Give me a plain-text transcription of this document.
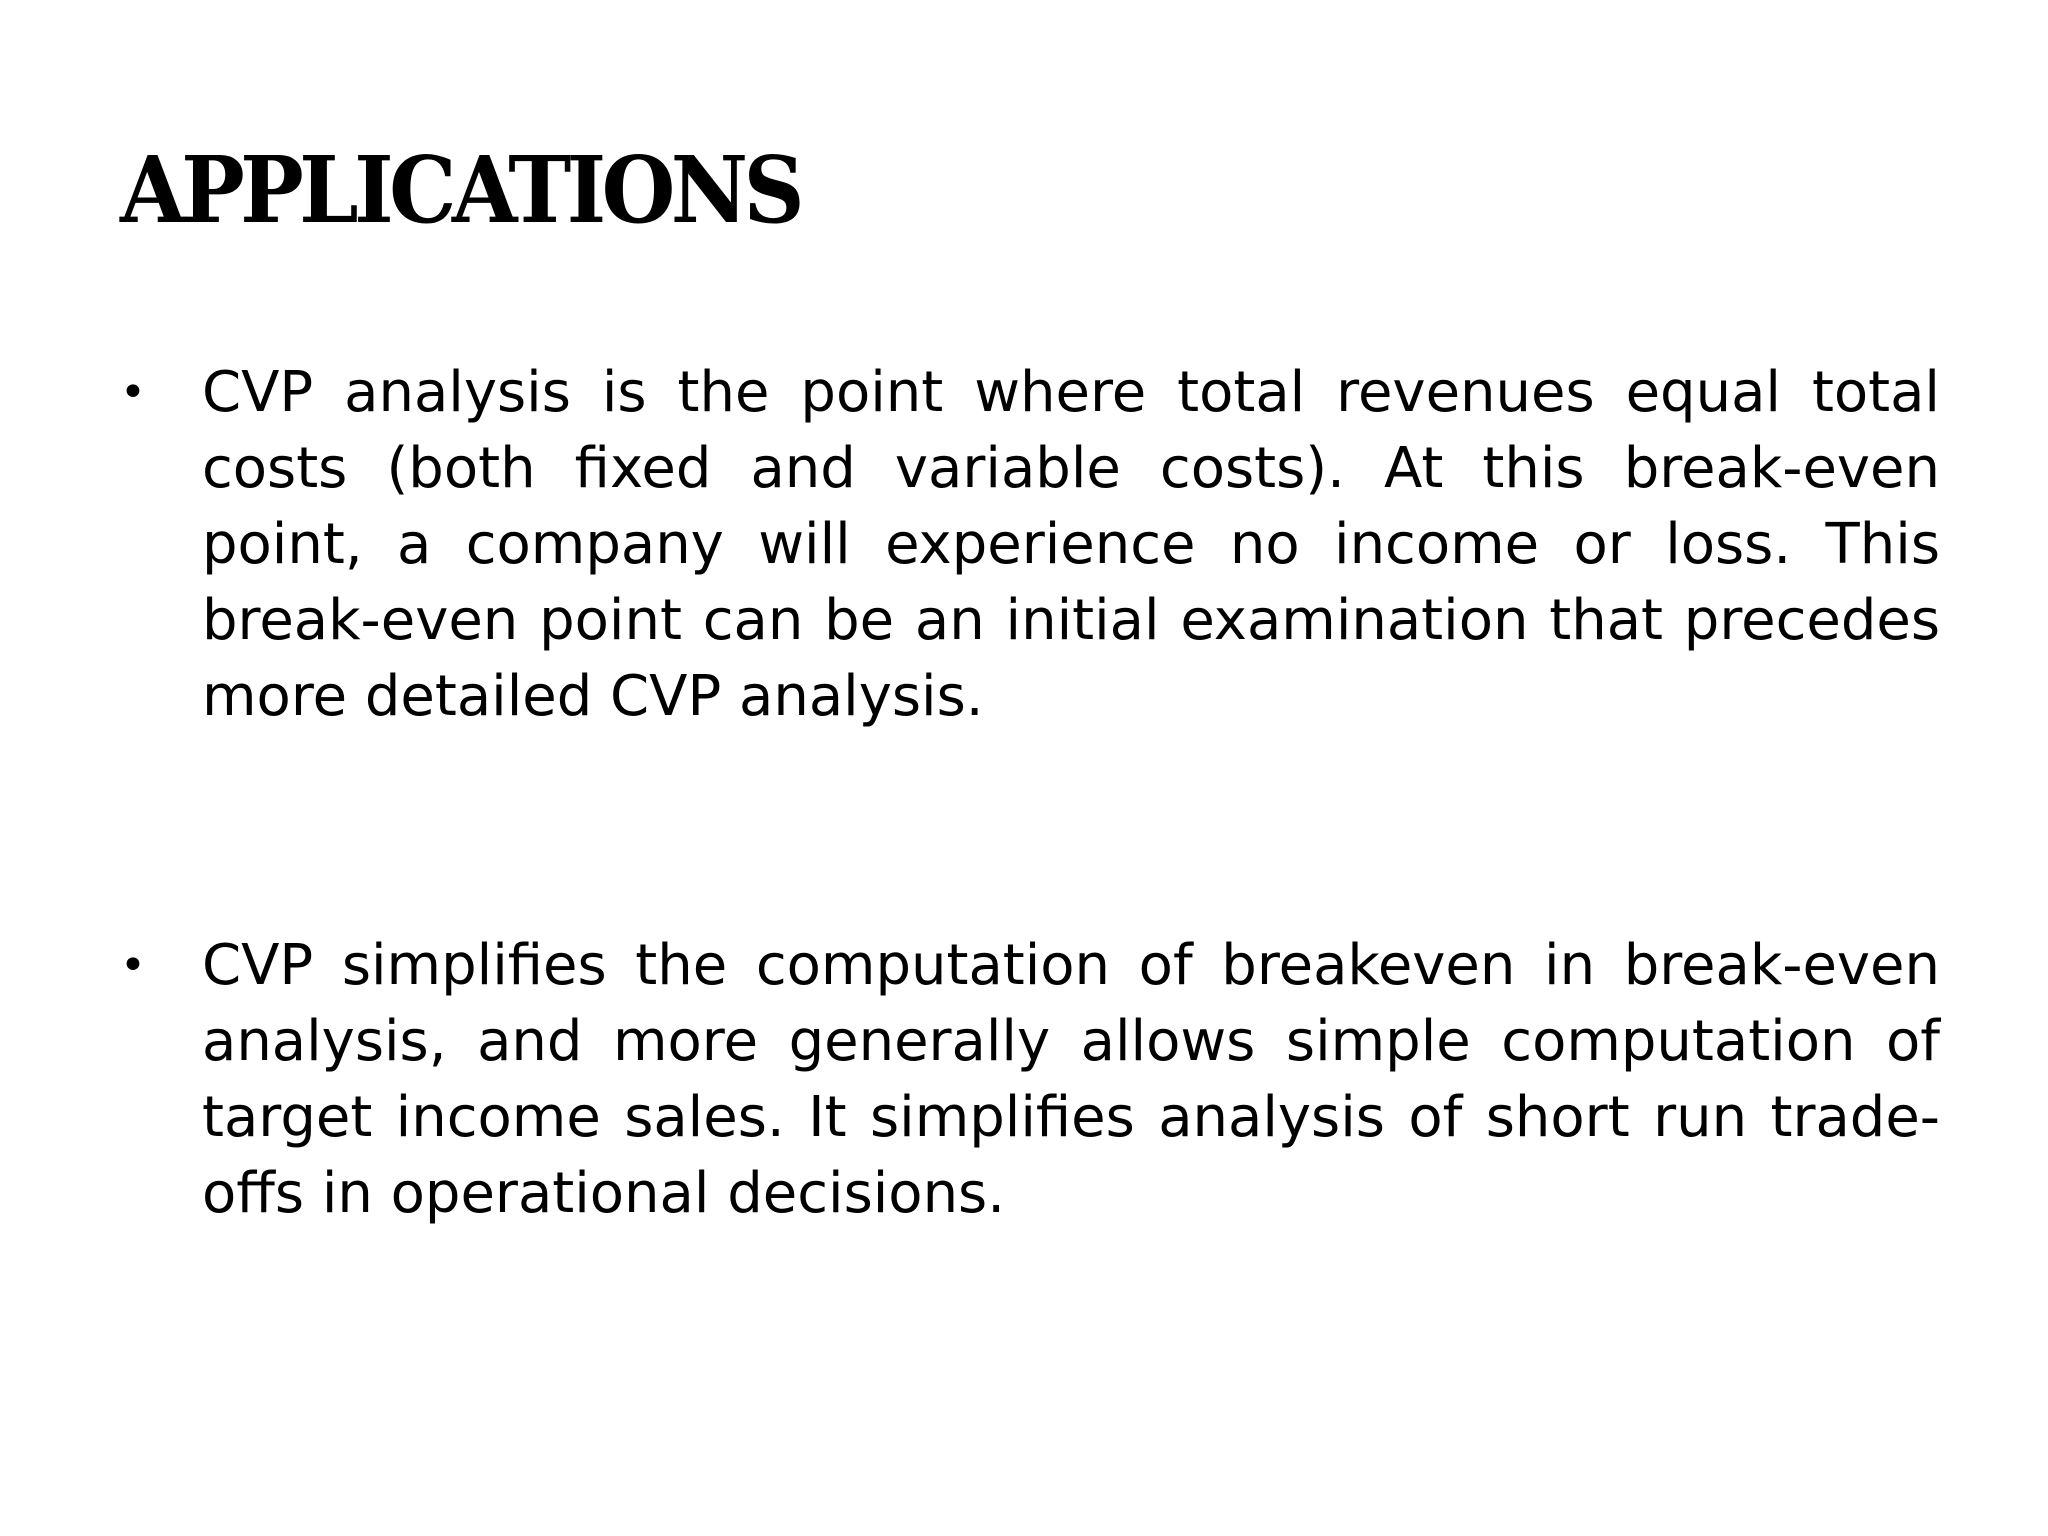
APPLICATIONS
•	CVP analysis is the point where total revenues equal total costs (both fixed and variable costs). At this break-even point, a company will experience no income or loss. This break-even point can be an initial examination that precedes more detailed CVP analysis.
•	CVP simplifies the computation of breakeven in break-even analysis, and more generally allows simple computation of target income sales. It simplifies analysis of short run trade-offs in operational decisions.
